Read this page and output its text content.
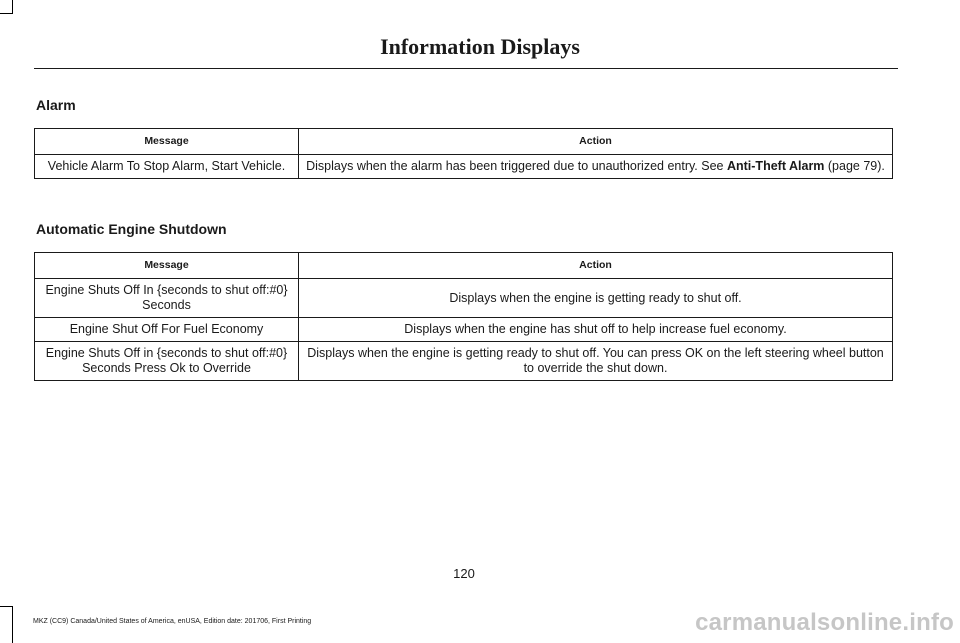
Information Displays
Alarm
Message	Action
Vehicle Alarm To Stop Alarm, Start Vehicle.	Displays when the alarm has been triggered due to unauthorized entry. See Anti-Theft Alarm (page 79).
Automatic Engine Shutdown
Message	Action
Engine Shuts Off In {seconds to shut off:#0} Seconds	Displays when the engine is getting ready to shut off.
Engine Shut Off For Fuel Economy	Displays when the engine has shut off to help increase fuel economy.
Engine Shuts Off in {seconds to shut off:#0} Seconds Press Ok to Override	Displays when the engine is getting ready to shut off. You can press OK on the left steering wheel button to override the shut down.
120
MKZ (CC9) Canada/United States of America, enUSA, Edition date: 201706, First Printing	carmanualsonline.info
